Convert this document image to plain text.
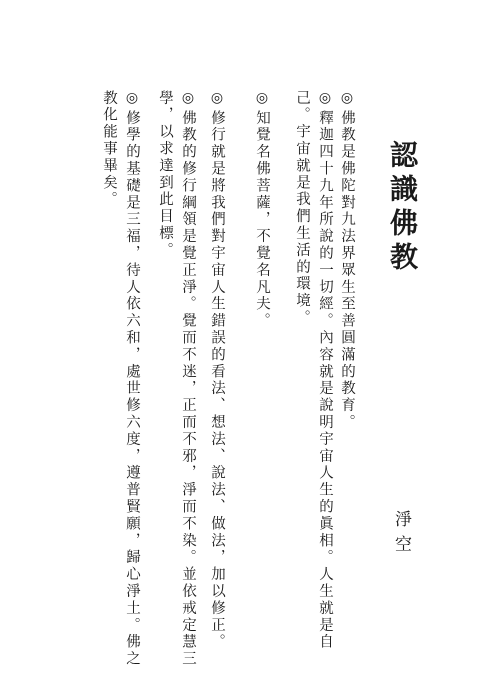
認識佛教
◎佛教是佛陀對九法界眾生至善圓滿的教育。
◎釋迦四十九年所說的一切經。內容就是說明宇宙人生的眞相。人生就是自己。宇宙就是我們生活的環境。
◎知覺名佛菩薩，不覺名凡夫。
◎修行就是將我們對宇宙人生錯誤的看法、想法、說法、做法，加以修正。
◎佛教的修行綱領是覺正淨。覺而不迷，正而不邪，淨而不染。並依戒定慧三學，以求達到此目標。
◎修學的基礎是三福，待人依六和，處世修六度，遵普賢願，歸心淨土。佛之教化能事畢矣。
淨空
